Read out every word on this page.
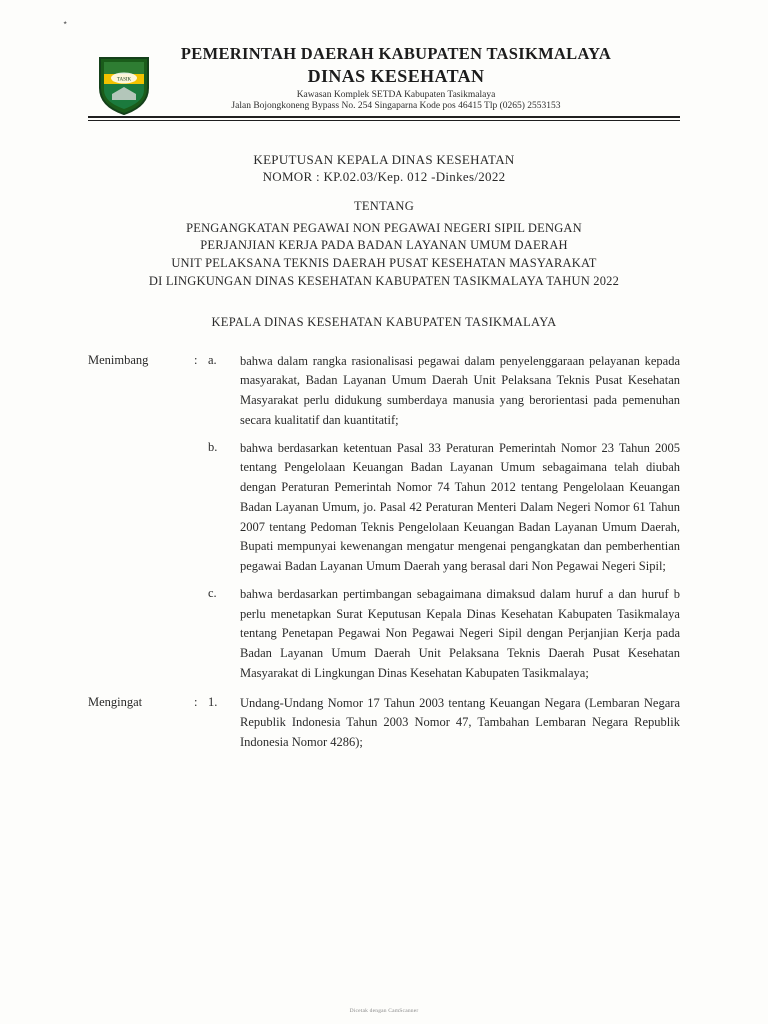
٭
TASIK
PEMERINTAH DAERAH KABUPATEN TASIKMALAYA
DINAS KESEHATAN
Kawasan Komplek SETDA Kabupaten Tasikmalaya
Jalan Bojongkoneng Bypass No. 254 Singaparna Kode pos 46415 Tlp (0265) 2553153
KEPUTUSAN KEPALA DINAS KESEHATAN
NOMOR : KP.02.03/Kep. 012 -Dinkes/2022
TENTANG
PENGANGKATAN PEGAWAI NON PEGAWAI NEGERI SIPIL DENGAN
PERJANJIAN KERJA PADA BADAN LAYANAN UMUM DAERAH
UNIT PELAKSANA TEKNIS DAERAH PUSAT KESEHATAN MASYARAKAT
DI LINGKUNGAN DINAS KESEHATAN KABUPATEN TASIKMALAYA TAHUN 2022
KEPALA DINAS KESEHATAN KABUPATEN TASIKMALAYA
Menimbang	: a.	bahwa dalam rangka rasionalisasi pegawai dalam penyelenggaraan pelayanan kepada masyarakat, Badan Layanan Umum Daerah Unit Pelaksana Teknis Pusat Kesehatan Masyarakat perlu didukung sumberdaya manusia yang berorientasi pada pemenuhan secara kualitatif dan kuantitatif;
b.	bahwa berdasarkan ketentuan Pasal 33 Peraturan Pemerintah Nomor 23 Tahun 2005 tentang Pengelolaan Keuangan Badan Layanan Umum sebagaimana telah diubah dengan Peraturan Pemerintah Nomor 74 Tahun 2012 tentang Pengelolaan Keuangan Badan Layanan Umum, jo. Pasal 42 Peraturan Menteri Dalam Negeri Nomor 61 Tahun 2007 tentang Pedoman Teknis Pengelolaan Keuangan Badan Layanan Umum Daerah, Bupati mempunyai kewenangan mengatur mengenai pengangkatan dan pemberhentian pegawai Badan Layanan Umum Daerah yang berasal dari Non Pegawai Negeri Sipil;
c.	bahwa berdasarkan pertimbangan sebagaimana dimaksud dalam huruf a dan huruf b perlu menetapkan Surat Keputusan Kepala Dinas Kesehatan Kabupaten Tasikmalaya tentang Penetapan Pegawai Non Pegawai Negeri Sipil dengan Perjanjian Kerja pada Badan Layanan Umum Daerah Unit Pelaksana Teknis Daerah Pusat Kesehatan Masyarakat di Lingkungan Dinas Kesehatan Kabupaten Tasikmalaya;
Mengingat	: 1.	Undang-Undang Nomor 17 Tahun 2003 tentang Keuangan Negara (Lembaran Negara Republik Indonesia Tahun 2003 Nomor 47, Tambahan Lembaran Negara Republik Indonesia Nomor 4286);
Dicetak dengan CamScanner
